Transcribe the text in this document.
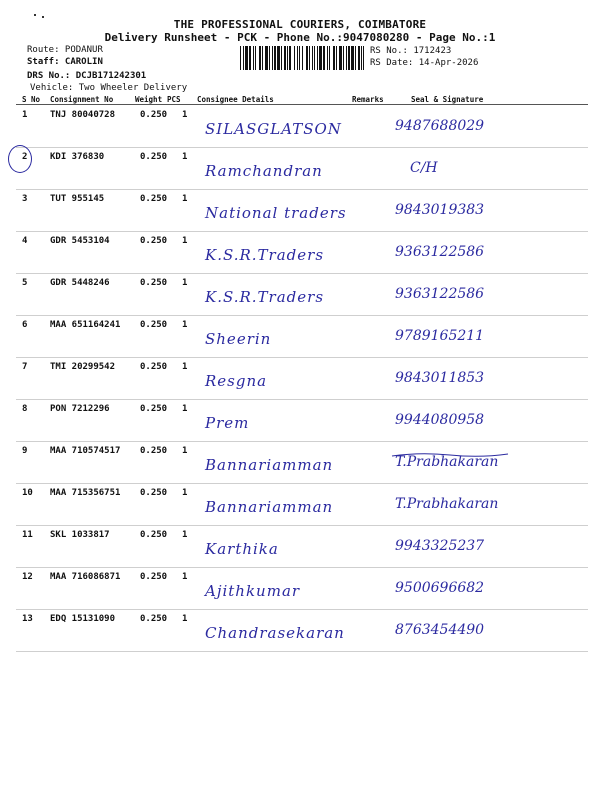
THE PROFESSIONAL COURIERS, COIMBATORE
Delivery Runsheet - PCK - Phone No.:9047080280 - Page No.:1
Route: PODANUR
Staff: CAROLIN
DRS No.: DCJB171242301
Vehicle: Two Wheeler Delivery
RS No.: 1712423
RS Date: 14-Apr-2026
S No Consignment No	Weight PCS Consignee Details	Remarks	Seal & Signature
1	TNJ 80040728	0.250 1
SILASGLATSON	9487688029
2	KDI 376830	0.250 1
Ramchandran	C/H
3	TUT 955145	0.250 1
National traders	9843019383
4	GDR 5453104	0.250 1
K.S.R.Traders	9363122586
5	GDR 5448246	0.250 1
K.S.R.Traders	9363122586
6	MAA 651164241 0.250 1
Sheerin	9789165211
7	TMI 20299542	0.250 1
Resgna	9843011853
8	PON 7212296	0.250 1
Prem	9944080958
9	MAA 710574517 0.250 1
Bannariamman	T.Prabhakaran
10 MAA 715356751 0.250 1
Bannariamman	T.Prabhakaran
11 SKL 1033817	0.250 1
Karthika	9943325237
12 MAA 716086871 0.250 1
Ajithkumar	9500696682
13 EDQ 15131090	0.250 1
Chandrasekaran	8763454490
